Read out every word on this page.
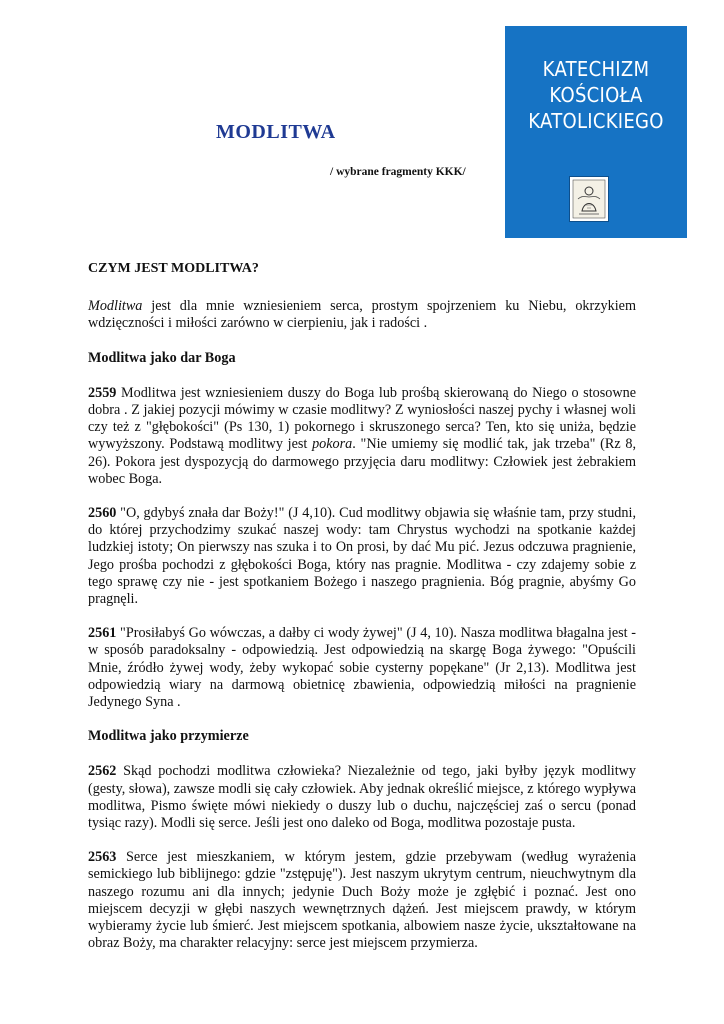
MODLITWA
/ wybrane fragmenty KKK/
KATECHIZM
KOŚCIOŁA
KATOLICKIEGO
FALLOTTINUM

CZYM JEST MODLITWA?

Modlitwa jest dla mnie wzniesieniem serca, prostym spojrzeniem ku Niebu, okrzykiem wdzięczności i miłości zarówno w cierpieniu, jak i radości .

Modlitwa jako dar Boga

2559 Modlitwa jest wzniesieniem duszy do Boga lub prośbą skierowaną do Niego o stosowne dobra . Z jakiej pozycji mówimy w czasie modlitwy? Z wyniosłości naszej pychy i własnej woli czy też z "głębokości" (Ps 130, 1) pokornego i skruszonego serca? Ten, kto się uniża, będzie wywyższony. Podstawą modlitwy jest pokora. "Nie umiemy się modlić tak, jak trzeba" (Rz 8, 26). Pokora jest dyspozycją do darmowego przyjęcia daru modlitwy: Człowiek jest żebrakiem wobec Boga.

2560 "O, gdybyś znała dar Boży!" (J 4,10). Cud modlitwy objawia się właśnie tam, przy studni, do której przychodzimy szukać naszej wody: tam Chrystus wychodzi na spotkanie każdej ludzkiej istoty; On pierwszy nas szuka i to On prosi, by dać Mu pić. Jezus odczuwa pragnienie, Jego prośba pochodzi z głębokości Boga, który nas pragnie. Modlitwa - czy zdajemy sobie z tego sprawę czy nie - jest spotkaniem Bożego i naszego pragnienia. Bóg pragnie, abyśmy Go pragnęli.

2561 "Prosiłabyś Go wówczas, a dałby ci wody żywej" (J 4, 10). Nasza modlitwa błagalna jest - w sposób paradoksalny - odpowiedzią. Jest odpowiedzią na skargę Boga żywego: "Opuścili Mnie, źródło żywej wody, żeby wykopać sobie cysterny popękane" (Jr 2,13). Modlitwa jest odpowiedzią wiary na darmową obietnicę zbawienia, odpowiedzią miłości na pragnienie Jedynego Syna .

Modlitwa jako przymierze

2562 Skąd pochodzi modlitwa człowieka? Niezależnie od tego, jaki byłby język modlitwy (gesty, słowa), zawsze modli się cały człowiek. Aby jednak określić miejsce, z którego wypływa modlitwa, Pismo święte mówi niekiedy o duszy lub o duchu, najczęściej zaś o sercu (ponad tysiąc razy). Modli się serce. Jeśli jest ono daleko od Boga, modlitwa pozostaje pusta.

2563 Serce jest mieszkaniem, w którym jestem, gdzie przebywam (według wyrażenia semickiego lub biblijnego: gdzie "zstępuję"). Jest naszym ukrytym centrum, nieuchwytnym dla naszego rozumu ani dla innych; jedynie Duch Boży może je zgłębić i poznać. Jest ono miejscem decyzji w głębi naszych wewnętrznych dążeń. Jest miejscem prawdy, w którym wybieramy życie lub śmierć. Jest miejscem spotkania, albowiem nasze życie, ukształtowane na obraz Boży, ma charakter relacyjny: serce jest miejscem przymierza.
